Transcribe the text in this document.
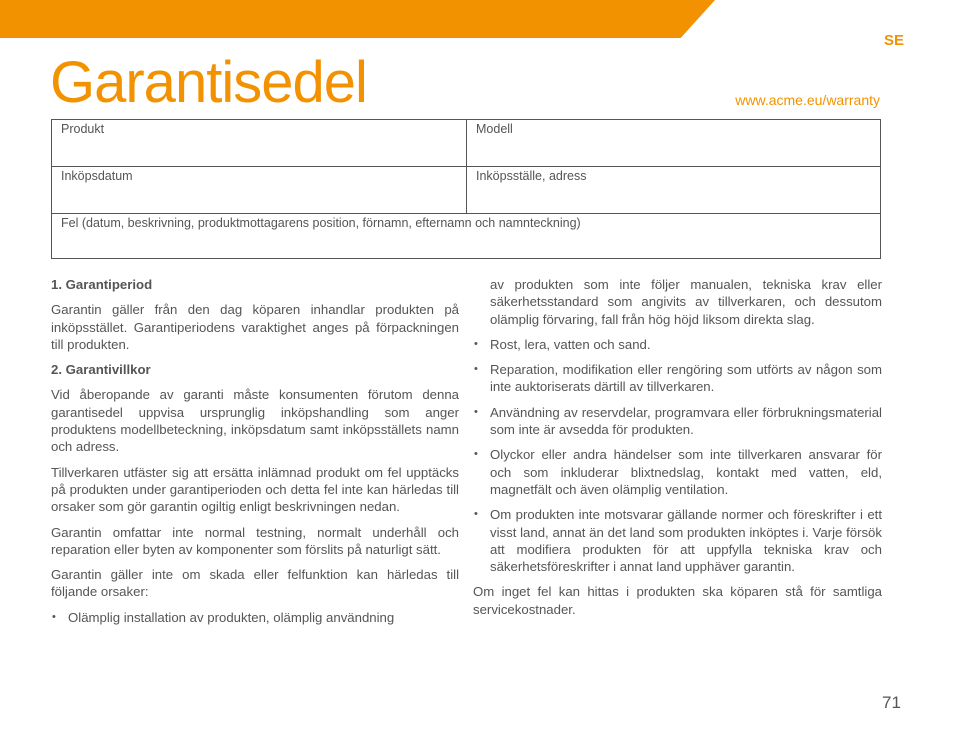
SE
Garantisedel	www.acme.eu/warranty
Produkt	Modell
Inköpsdatum	Inköpsställe, adress
Fel (datum, beskrivning, produktmottagarens position, förnamn, efternamn och namnteckning)
1. Garantiperiod

Garantin gäller från den dag köparen inhandlar produkten på inköpsstället. Garantiperiodens varaktighet anges på förpackningen till produkten.

2. Garantivillkor

Vid åberopande av garanti måste konsumenten förutom denna garantisedel uppvisa ursprunglig inköpshandling som anger produktens modellbeteckning, inköpsdatum samt inköpsställets namn och adress.

Tillverkaren utfäster sig att ersätta inlämnad produkt om fel upptäcks på produkten under garantiperioden och detta fel inte kan härledas till orsaker som gör garantin ogiltig enligt beskrivningen nedan.

Garantin omfattar inte normal testning, normalt underhåll och reparation eller byten av komponenter som förslits på naturligt sätt.

Garantin gäller inte om skada eller felfunktion kan härledas till följande orsaker:

• Olämplig installation av produkten, olämplig användning

av produkten som inte följer manualen, tekniska krav eller säkerhetsstandard som angivits av tillverkaren, och dessutom olämplig förvaring, fall från hög höjd liksom direkta slag.

• Rost, lera, vatten och sand.
• Reparation, modifikation eller rengöring som utförts av någon som inte auktoriserats därtill av tillverkaren.
• Användning av reservdelar, programvara eller förbrukningsmaterial som inte är avsedda för produkten.
• Olyckor eller andra händelser som inte tillverkaren ansvarar för och som inkluderar blixtnedslag, kontakt med vatten, eld, magnetfält och även olämplig ventilation.
• Om produkten inte motsvarar gällande normer och föreskrifter i ett visst land, annat än det land som produkten inköptes i. Varje försök att modifiera produkten för att uppfylla tekniska krav och säkerhetsföreskrifter i annat land upphäver garantin.

Om inget fel kan hittas i produkten ska köparen stå för samtliga servicekostnader.

71
